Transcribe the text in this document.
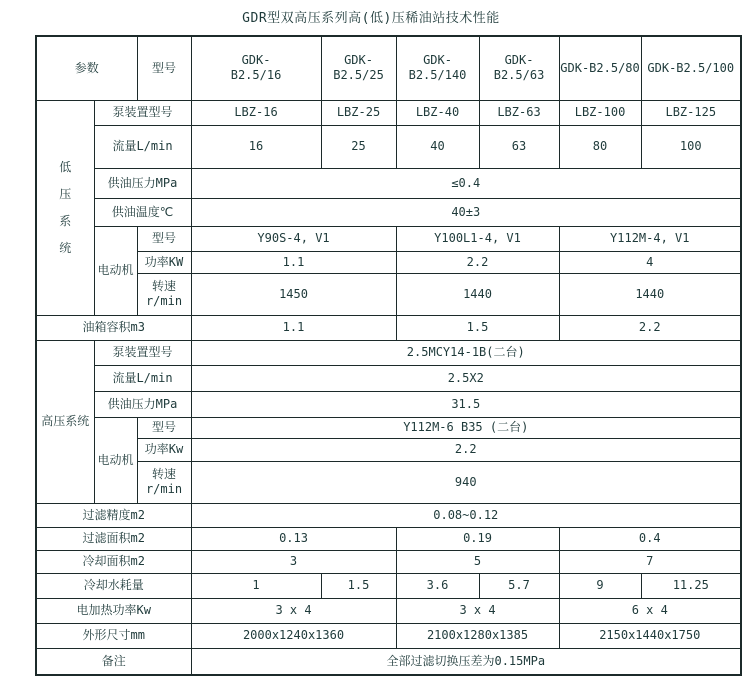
GDR型双高压系列高(低)压稀油站技术性能
参数		型号	GDK-
B2.5/16	GDK-B2.5/25	GDK-B2.5/140	GDK-B2.5/63	GDK-B2.5/80	GDK-B2.5/100

低压系统	泵装置型号		LBZ-16	LBZ-25	LBZ-40	LBZ-63	LBZ-100	LBZ-125
	流量L/min		16	25	40	63	80	100
	供油压力MPa		≤0.4					
	供油温度℃		40±3					
	电动机	型号	Y90S-4, V1		Y100L1-4, V1		Y112M-4, V1	
		功率KW	1.1		2.2		4	

		转速
r/min	1450		1440		1440	
油箱容积m3			1.1		1.5		2.2	
高压系统	泵装置型号		2.5MCY14-1B(二台)					
	流量L/min		2.5X2					
	供油压力MPa		31.5					
	电动机	型号	Y112M-6 B35 (二台)					
		功率Kw	2.2					

		转速
r/min	940					
过滤精度m2			0.08~0.12					
过滤面积m2			0.13		0.19		0.4	
冷却面积m2			3		5		7	
冷却水耗量			1	1.5	3.6	5.7	9	11.25
电加热功率Kw			3 x 4		3 x 4		6 x 4	
外形尺寸mm			2000x1240x1360		2100x1280x1385		2150x1440x1750	
备注			全部过滤切换压差为0.15MPa					
